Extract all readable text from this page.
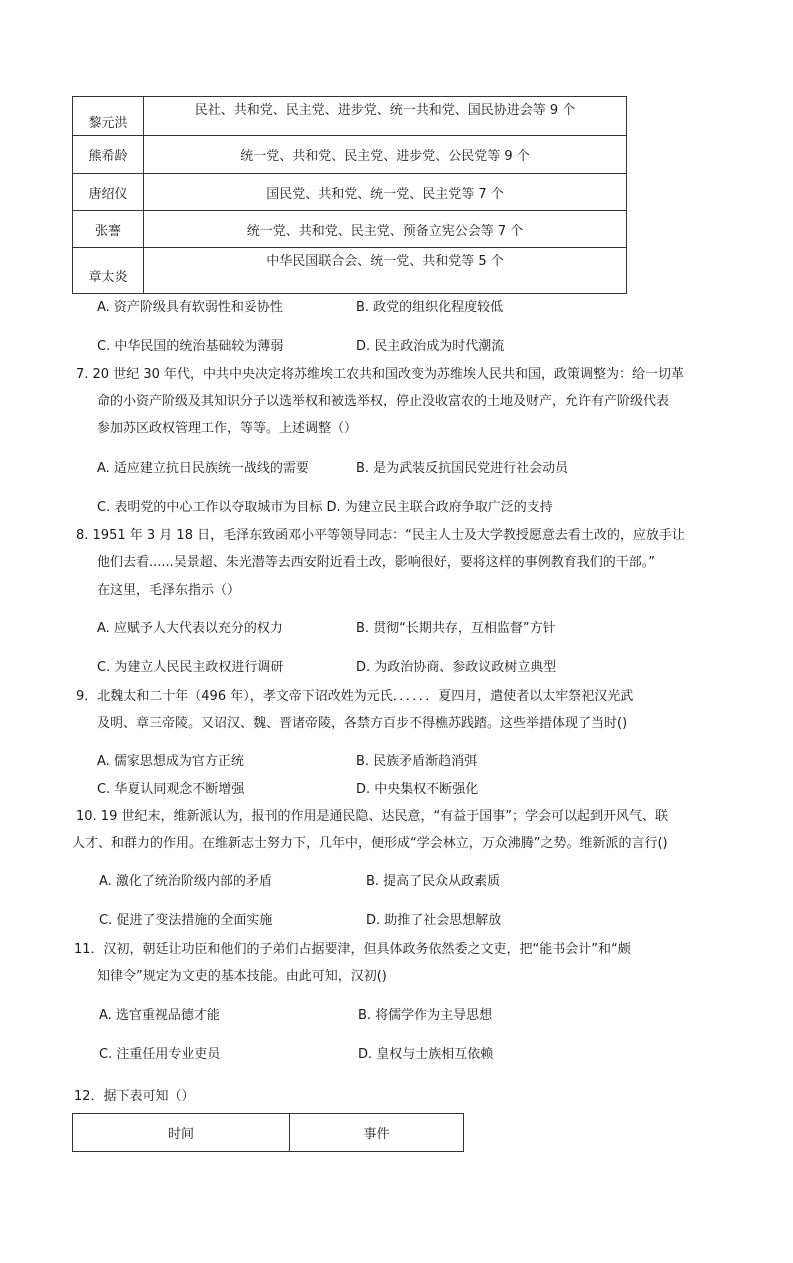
黎元洪	民社、共和党、民主党、进步党、统一共和党、国民协进会等 9 个
熊希龄	统一党、共和党、民主党、进步党、公民党等 9 个
唐绍仪	国民党、共和党、统一党、民主党等 7 个
张謇	统一党、共和党、民主党、预备立宪公会等 7 个
章太炎	中华民国联合会、统一党、共和党等 5 个
A. 资产阶级具有软弱性和妥协性	B. 政党的组织化程度较低
C. 中华民国的统治基础较为薄弱	D. 民主政治成为时代潮流
7. 20 世纪 30 年代，中共中央决定将苏维埃工农共和国改变为苏维埃人民共和国，政策调整为：给一切革
命的小资产阶级及其知识分子以选举权和被选举权，停止没收富农的土地及财产，允许有产阶级代表
参加苏区政权管理工作，等等。上述调整（）
A. 适应建立抗日民族统一战线的需要	B. 是为武装反抗国民党进行社会动员
C. 表明党的中心工作以夺取城市为目标 D. 为建立民主联合政府争取广泛的支持
8. 1951 年 3 月 18 日，毛泽东致函邓小平等领导同志：“民主人士及大学教授愿意去看土改的，应放手让
他们去看......吴景超、朱光潜等去西安附近看土改，影响很好，要将这样的事例教育我们的干部。”
在这里，毛泽东指示（）
A. 应赋予人大代表以充分的权力	B. 贯彻“长期共存，互相监督”方针
C. 为建立人民民主政权进行调研	D. 为政治协商、参政议政树立典型
9．北魏太和二十年（496 年），孝文帝下诏改姓为元氏．．．．．．夏四月，遣使者以太牢祭祀汉光武
及明、章三帝陵。又诏汉、魏、晋诸帝陵，各禁方百步不得樵苏践踏。这些举措体现了当时()
A. 儒家思想成为官方正统	B. 民族矛盾渐趋消弭
C. 华夏认同观念不断增强	D. 中央集权不断强化
10. 19 世纪末，维新派认为，报刊的作用是通民隐、达民意，“有益于国事”；学会可以起到开风气、联
人才、和群力的作用。在维新志士努力下，几年中，便形成“学会林立，万众沸腾”之势。维新派的言行()
A. 激化了统治阶级内部的矛盾	B. 提高了民众从政素质
C. 促进了变法措施的全面实施	D. 助推了社会思想解放
11．汉初，朝廷让功臣和他们的子弟们占据要津，但具体政务依然委之文吏，把“能书会计”和“颇
知律令”规定为文吏的基本技能。由此可知，汉初()
A. 选官重视品德才能	B. 将儒学作为主导思想
C. 注重任用专业吏员	D. 皇权与士族相互依赖
12．据下表可知（）
时间	事件
